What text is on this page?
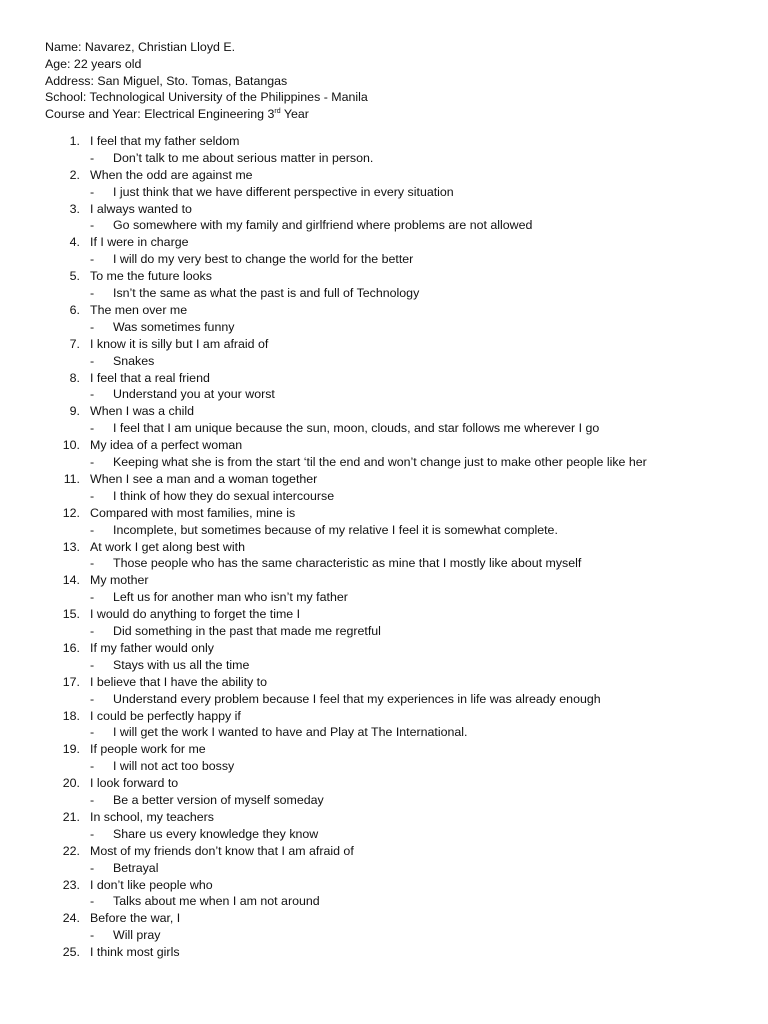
Name: Navarez, Christian Lloyd E.
Age: 22 years old
Address: San Miguel, Sto. Tomas, Batangas
School: Technological University of the Philippines - Manila
Course and Year: Electrical Engineering 3rd Year
1. I feel that my father seldom
- Don’t talk to me about serious matter in person.
2. When the odd are against me
- I just think that we have different perspective in every situation
3. I always wanted to
- Go somewhere with my family and girlfriend where problems are not allowed
4. If I were in charge
- I will do my very best to change the world for the better
5. To me the future looks
- Isn’t the same as what the past is and full of Technology
6. The men over me
- Was sometimes funny
7. I know it is silly but I am afraid of
- Snakes
8. I feel that a real friend
- Understand you at your worst
9. When I was a child
- I feel that I am unique because the sun, moon, clouds, and star follows me wherever I go
10. My idea of a perfect woman
- Keeping what she is from the start ‘til the end and won’t change just to make other people like her
11. When I see a man and a woman together
- I think of how they do sexual intercourse
12. Compared with most families, mine is
- Incomplete, but sometimes because of my relative I feel it is somewhat complete.
13. At work I get along best with
- Those people who has the same characteristic as mine that I mostly like about myself
14. My mother
- Left us for another man who isn’t my father
15. I would do anything to forget the time I
- Did something in the past that made me regretful
16. If my father would only
- Stays with us all the time
17. I believe that I have the ability to
- Understand every problem because I feel that my experiences in life was already enough
18. I could be perfectly happy if
- I will get the work I wanted to have and Play at The International.
19. If people work for me
- I will not act too bossy
20. I look forward to
- Be a better version of myself someday
21. In school, my teachers
- Share us every knowledge they know
22. Most of my friends don’t know that I am afraid of
- Betrayal
23. I don’t like people who
- Talks about me when I am not around
24. Before the war, I
- Will pray
25. I think most girls
